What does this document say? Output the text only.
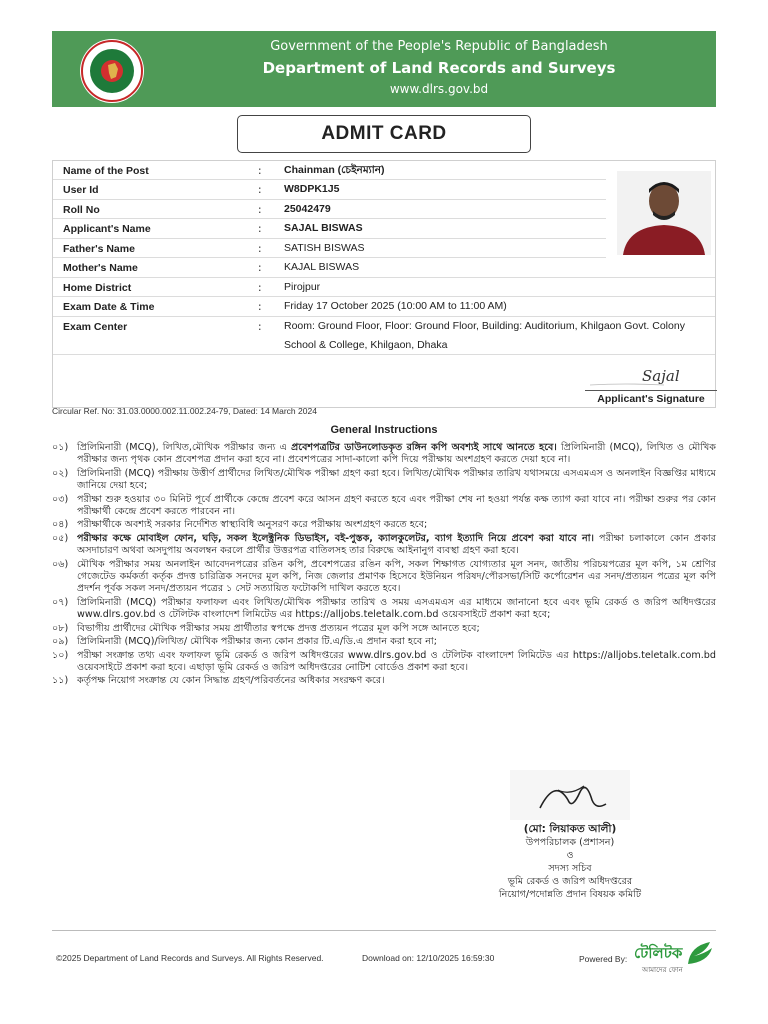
Government of the People's Republic of Bangladesh
Department of Land Records and Surveys
www.dlrs.gov.bd
ADMIT CARD
Name of the Post	: Chainman (চেইনম্যান)
User Id	: W8DPK1J5
Roll No	: 25042479
Applicant's Name	: SAJAL BISWAS
Father's Name	: SATISH BISWAS
Mother's Name	: KAJAL BISWAS
Home District	: Pirojpur
Exam Date & Time	: Friday 17 October 2025 (10:00 AM to 11:00 AM)
Exam Center	: Room: Ground Floor, Floor: Ground Floor, Building: Auditorium, Khilgaon Govt. Colony School & College, Khilgaon, Dhaka
Sajal
Applicant's Signature
Circular Ref. No: 31.03.0000.002.11.002.24-79, Dated: 14 March 2024
General Instructions
০১) প্রিলিমিনারী (MCQ), লিখিত,মৌখিক পরীক্ষার জন্য এ প্রবেশপত্রটির ডাউনলোডকৃত রঙ্গিন কপি অবশ্যই সাথে আনতে হবে। প্রিলিমিনারী (MCQ), লিখিত ও মৌখিক পরীক্ষার জন্য পৃথক কোন প্রবেশপত্র প্রদান করা হবে না। প্রবেশপত্রের সাদা-কালো কপি দিয়ে পরীক্ষায় অংশগ্রহণ করতে দেয়া হবে না।
০২) প্রিলিমিনারী (MCQ) পরীক্ষায় উত্তীর্ণ প্রার্থীদের লিখিত/মৌখিক পরীক্ষা গ্রহণ করা হবে। লিখিত/মৌখিক পরীক্ষার তারিখ যথাসময়ে এসএমএস ও অনলাইন বিজ্ঞপ্তির মাধ্যমে জানিয়ে দেয়া হবে;
০৩) পরীক্ষা শুরু হওয়ার ৩০ মিনিট পূর্বে প্রার্থীকে কেন্দ্রে প্রবেশ করে আসন গ্রহণ করতে হবে এবং পরীক্ষা শেষ না হওয়া পর্যন্ত কক্ষ ত্যাগ করা যাবে না। পরীক্ষা শুরুর পর কোন পরীক্ষার্থী কেন্দ্রে প্রবেশ করতে পারবেন না।
০৪) পরীক্ষার্থীকে অবশ্যই সরকার নির্দেশিত স্বাস্থ্যবিধি অনুসরণ করে পরীক্ষায় অংশগ্রহণ করতে হবে;
০৫) পরীক্ষার কক্ষে মোবাইল ফোন, ঘড়ি, সকল ইলেক্ট্রনিক ডিভাইস, বই-পুস্তক, ক্যালকুলেটর, ব্যাগ ইত্যাদি নিয়ে প্রবেশ করা যাবে না। পরীক্ষা চলাকালে কোন প্রকার অসদাচারণ অথবা অসদুপায় অবলম্বন করলে প্রার্থীর উত্তরপত্র বাতিলসহ তার বিরুদ্ধে আইনানুগ ব্যবস্থা গ্রহণ করা হবে।
০৬) মৌখিক পরীক্ষার সময় অনলাইন আবেদনপত্রের রঙিন কপি, প্রবেশপত্রের রঙিন কপি, সকল শিক্ষাগত যোগ্যতার মূল সনদ, জাতীয় পরিচয়পত্রের মূল কপি, ১ম শ্রেণির গেজেটেড কর্মকর্তা কর্তৃক প্রদত্ত চারিত্রিক সনদের মূল কপি, নিজ জেলার প্রমাণক হিসেবে ইউনিয়ন পরিষদ/পৌরসভা/সিটি কর্পোরেশন এর সনদ/প্রত্যয়ন পত্রের মূল কপি প্রদর্শন পূর্বক সকল সনদ/প্রত্যয়ন পত্রের ১ সেট সত্যায়িত ফটোকপি দাখিল করতে হবে।
০৭) প্রিলিমিনারী (MCQ) পরীক্ষার ফলাফল এবং লিখিত/মৌখিক পরীক্ষার তারিখ ও সময় এসএমএস এর মাধ্যমে জানানো হবে এবং ভূমি রেকর্ড ও জরিপ অধিদপ্তরের www.dlrs.gov.bd ও টেলিটক বাংলাদেশ লিমিটেড এর https://alljobs.teletalk.com.bd ওয়েবসাইটে প্রকাশ করা হবে;
০৮) বিভাগীয় প্রার্থীদের মৌখিক পরীক্ষার সময় প্রার্থীতার স্বপক্ষে প্রদত্ত প্রত্যয়ন পত্রের মূল কপি সঙ্গে আনতে হবে;
০৯) প্রিলিমিনারী (MCQ)/লিখিত/ মৌখিক পরীক্ষার জন্য কোন প্রকার টি.এ/ডি.এ প্রদান করা হবে না;
১০) পরীক্ষা সংক্রান্ত তথ্য এবং ফলাফল ভূমি রেকর্ড ও জরিপ অধিদপ্তরের www.dlrs.gov.bd ও টেলিটক বাংলাদেশ লিমিটেড এর https://alljobs.teletalk.com.bd ওয়েবসাইটে প্রকাশ করা হবে। এছাড়া ভূমি রেকর্ড ও জরিপ অধিদপ্তরের নোটিশ বোর্ডেও প্রকাশ করা হবে।
১১) কর্তৃপক্ষ নিয়োগ সংক্রান্ত যে কোন সিদ্ধান্ত গ্রহণ/পরিবর্তনের অধিকার সংরক্ষণ করে।
(মো: লিয়াকত আলী)
উপপরিচালক (প্রশাসন)
ও
সদস্য সচিব
ভূমি রেকর্ড ও জরিপ অধিদপ্তরের
নিয়োগ/পদোন্নতি প্রদান বিষয়ক কমিটি
©2025 Department of Land Records and Surveys. All Rights Reserved.	Download on: 12/10/2025 16:59:30	Powered By: টেলিটক
আমাদের ফোন
